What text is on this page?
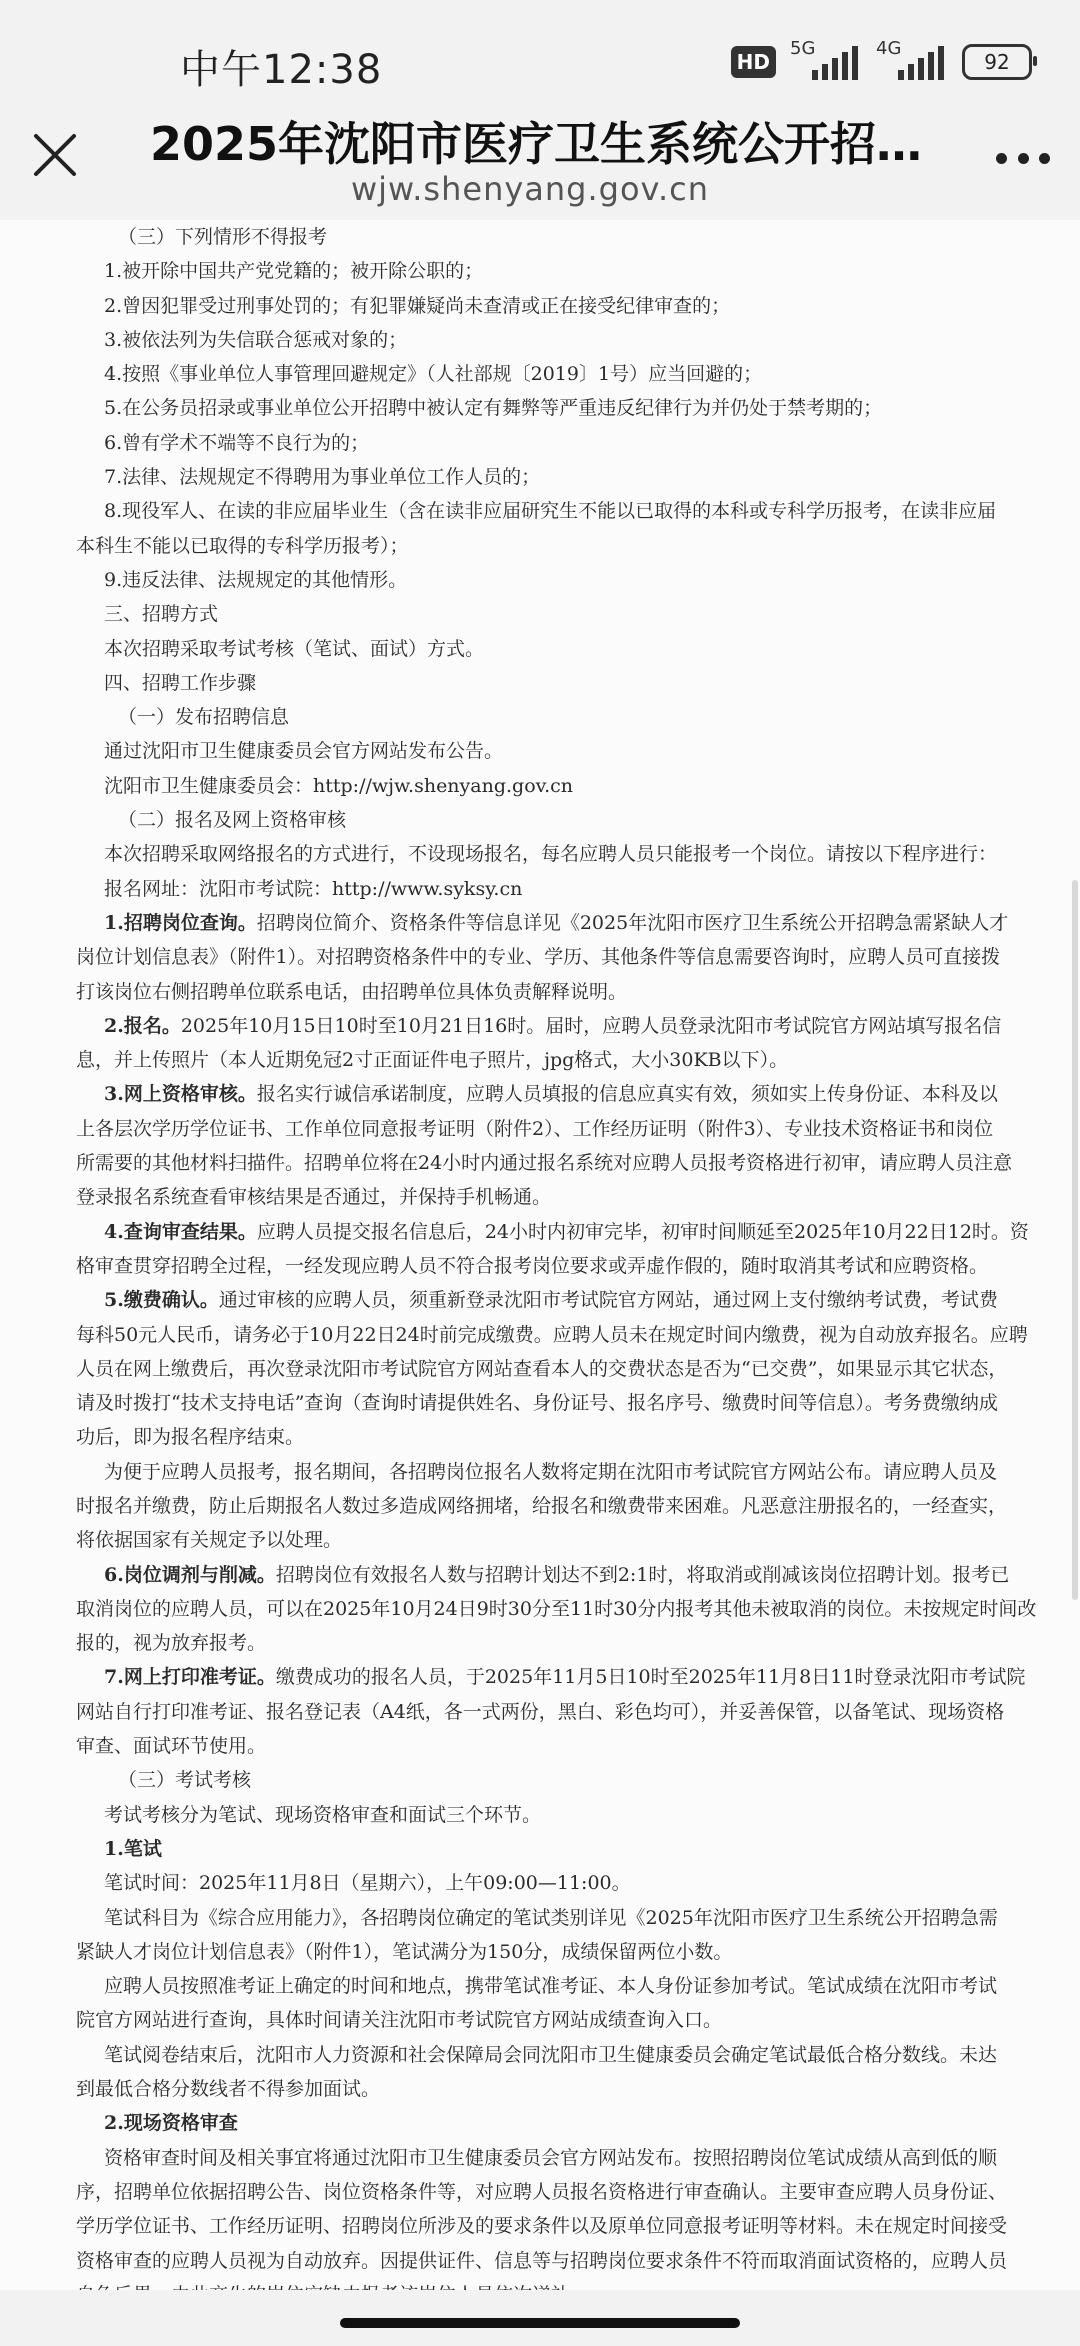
中午12:38	HD
5G	4G
92
2025年沈阳市医疗卫生系统公开招…
wjw.shenyang.gov.cn
（三）下列情形不得报考
1.被开除中国共产党党籍的；被开除公职的；
2.曾因犯罪受过刑事处罚的；有犯罪嫌疑尚未查清或正在接受纪律审查的；
3.被依法列为失信联合惩戒对象的；
4.按照《事业单位人事管理回避规定》（人社部规〔2019〕1号）应当回避的；
5.在公务员招录或事业单位公开招聘中被认定有舞弊等严重违反纪律行为并仍处于禁考期的；
6.曾有学术不端等不良行为的；
7.法律、法规规定不得聘用为事业单位工作人员的；
8.现役军人、在读的非应届毕业生（含在读非应届研究生不能以已取得的本科或专科学历报考，在读非应届
本科生不能以已取得的专科学历报考）；
9.违反法律、法规规定的其他情形。
三、招聘方式
本次招聘采取考试考核（笔试、面试）方式。
四、招聘工作步骤
（一）发布招聘信息
通过沈阳市卫生健康委员会官方网站发布公告。
沈阳市卫生健康委员会：http://wjw.shenyang.gov.cn
（二）报名及网上资格审核
本次招聘采取网络报名的方式进行，不设现场报名，每名应聘人员只能报考一个岗位。请按以下程序进行：
报名网址：沈阳市考试院：http://www.syksy.cn
1.招聘岗位查询。招聘岗位简介、资格条件等信息详见《2025年沈阳市医疗卫生系统公开招聘急需紧缺人才
岗位计划信息表》（附件1）。对招聘资格条件中的专业、学历、其他条件等信息需要咨询时，应聘人员可直接拨
打该岗位右侧招聘单位联系电话，由招聘单位具体负责解释说明。
2.报名。2025年10月15日10时至10月21日16时。届时，应聘人员登录沈阳市考试院官方网站填写报名信
息，并上传照片（本人近期免冠2寸正面证件电子照片，jpg格式，大小30KB以下）。
3.网上资格审核。报名实行诚信承诺制度，应聘人员填报的信息应真实有效，须如实上传身份证、本科及以
上各层次学历学位证书、工作单位同意报考证明（附件2）、工作经历证明（附件3）、专业技术资格证书和岗位
所需要的其他材料扫描件。招聘单位将在24小时内通过报名系统对应聘人员报考资格进行初审，请应聘人员注意
登录报名系统查看审核结果是否通过，并保持手机畅通。
4.查询审查结果。应聘人员提交报名信息后，24小时内初审完毕，初审时间顺延至2025年10月22日12时。资
格审查贯穿招聘全过程，一经发现应聘人员不符合报考岗位要求或弄虚作假的，随时取消其考试和应聘资格。
5.缴费确认。通过审核的应聘人员，须重新登录沈阳市考试院官方网站，通过网上支付缴纳考试费，考试费
每科50元人民币，请务必于10月22日24时前完成缴费。应聘人员未在规定时间内缴费，视为自动放弃报名。应聘
人员在网上缴费后，再次登录沈阳市考试院官方网站查看本人的交费状态是否为“已交费”，如果显示其它状态，
请及时拨打“技术支持电话”查询（查询时请提供姓名、身份证号、报名序号、缴费时间等信息）。考务费缴纳成
功后，即为报名程序结束。
为便于应聘人员报考，报名期间，各招聘岗位报名人数将定期在沈阳市考试院官方网站公布。请应聘人员及
时报名并缴费，防止后期报名人数过多造成网络拥堵，给报名和缴费带来困难。凡恶意注册报名的，一经查实，
将依据国家有关规定予以处理。
6.岗位调剂与削减。招聘岗位有效报名人数与招聘计划达不到2:1时，将取消或削减该岗位招聘计划。报考已
取消岗位的应聘人员，可以在2025年10月24日9时30分至11时30分内报考其他未被取消的岗位。未按规定时间改
报的，视为放弃报考。
7.网上打印准考证。缴费成功的报名人员，于2025年11月5日10时至2025年11月8日11时登录沈阳市考试院
网站自行打印准考证、报名登记表（A4纸，各一式两份，黑白、彩色均可），并妥善保管，以备笔试、现场资格
审查、面试环节使用。
（三）考试考核
考试考核分为笔试、现场资格审查和面试三个环节。
1.笔试
笔试时间：2025年11月8日（星期六），上午09:00—11:00。
笔试科目为《综合应用能力》，各招聘岗位确定的笔试类别详见《2025年沈阳市医疗卫生系统公开招聘急需
紧缺人才岗位计划信息表》（附件1），笔试满分为150分，成绩保留两位小数。
应聘人员按照准考证上确定的时间和地点，携带笔试准考证、本人身份证参加考试。笔试成绩在沈阳市考试
院官方网站进行查询，具体时间请关注沈阳市考试院官方网站成绩查询入口。
笔试阅卷结束后，沈阳市人力资源和社会保障局会同沈阳市卫生健康委员会确定笔试最低合格分数线。未达
到最低合格分数线者不得参加面试。
2.现场资格审查
资格审查时间及相关事宜将通过沈阳市卫生健康委员会官方网站发布。按照招聘岗位笔试成绩从高到低的顺
序，招聘单位依据招聘公告、岗位资格条件等，对应聘人员报名资格进行审查确认。主要审查应聘人员身份证、
学历学位证书、工作经历证明、招聘岗位所涉及的要求条件以及原单位同意报考证明等材料。未在规定时间接受
资格审查的应聘人员视为自动放弃。因提供证件、信息等与招聘岗位要求条件不符而取消面试资格的，应聘人员
